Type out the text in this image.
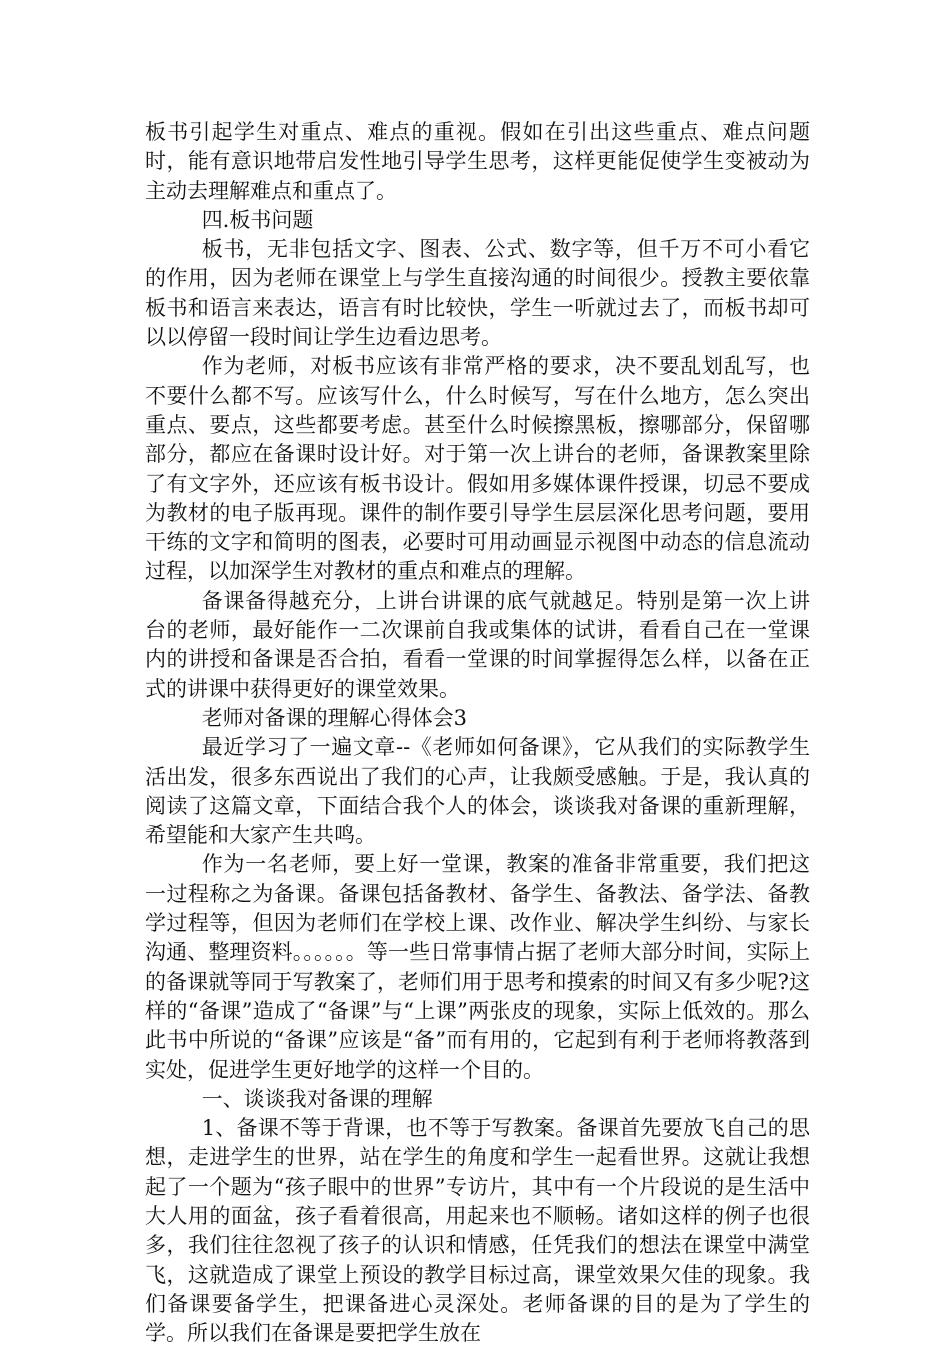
板书引起学生对重点、难点的重视。假如在引出这些重点、难点问题时，能有意识地带启发性地引导学生思考，这样更能促使学生变被动为主动去理解难点和重点了。

四.板书问题

板书，无非包括文字、图表、公式、数字等，但千万不可小看它的作用，因为老师在课堂上与学生直接沟通的时间很少。授教主要依靠板书和语言来表达，语言有时比较快，学生一听就过去了，而板书却可以以停留一段时间让学生边看边思考。

作为老师，对板书应该有非常严格的要求，决不要乱划乱写，也不要什么都不写。应该写什么，什么时候写，写在什么地方，怎么突出重点、要点，这些都要考虑。甚至什么时候擦黑板，擦哪部分，保留哪部分，都应在备课时设计好。对于第一次上讲台的老师，备课教案里除了有文字外，还应该有板书设计。假如用多媒体课件授课，切忌不要成为教材的电子版再现。课件的制作要引导学生层层深化思考问题，要用干练的文字和简明的图表，必要时可用动画显示视图中动态的信息流动过程，以加深学生对教材的重点和难点的理解。

备课备得越充分，上讲台讲课的底气就越足。特别是第一次上讲台的老师，最好能作一二次课前自我或集体的试讲，看看自己在一堂课内的讲授和备课是否合拍，看看一堂课的时间掌握得怎么样，以备在正式的讲课中获得更好的课堂效果。

老师对备课的理解心得体会3

最近学习了一遍文章--《老师如何备课》，它从我们的实际教学生活出发，很多东西说出了我们的心声，让我颇受感触。于是，我认真的阅读了这篇文章，下面结合我个人的体会，谈谈我对备课的重新理解，希望能和大家产生共鸣。

作为一名老师，要上好一堂课，教案的准备非常重要，我们把这一过程称之为备课。备课包括备教材、备学生、备教法、备学法、备教学过程等，但因为老师们在学校上课、改作业、解决学生纠纷、与家长沟通、整理资料。。。。。。等一些日常事情占据了老师大部分时间，实际上的备课就等同于写教案了，老师们用于思考和摸索的时间又有多少呢?这样的“备课”造成了“备课”与“上课”两张皮的现象，实际上低效的。那么此书中所说的“备课”应该是“备”而有用的，它起到有利于老师将教落到实处，促进学生更好地学的这样一个目的。

一、谈谈我对备课的理解

1、备课不等于背课，也不等于写教案。备课首先要放飞自己的思想，走进学生的世界，站在学生的角度和学生一起看世界。这就让我想起了一个题为“孩子眼中的世界”专访片，其中有一个片段说的是生活中大人用的面盆，孩子看着很高，用起来也不顺畅。诸如这样的例子也很多，我们往往忽视了孩子的认识和情感，任凭我们的想法在课堂中满堂飞，这就造成了课堂上预设的教学目标过高，课堂效果欠佳的现象。我们备课要备学生，把课备进心灵深处。老师备课的目的是为了学生的学。所以我们在备课是要把学生放在
